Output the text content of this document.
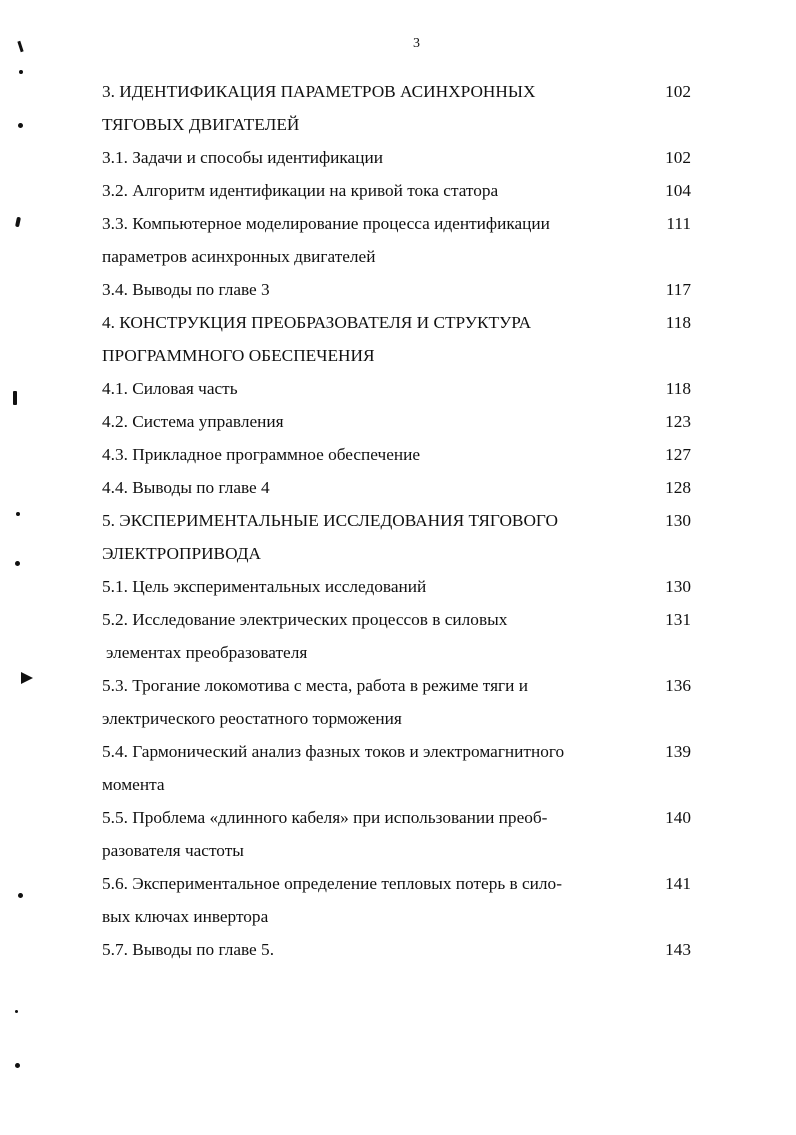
3
3. ИДЕНТИФИКАЦИЯ ПАРАМЕТРОВ АСИНХРОННЫХ	102
ТЯГОВЫХ ДВИГАТЕЛЕЙ
3.1. Задачи и способы идентификации	102
3.2. Алгоритм идентификации на кривой тока статора	104
3.3. Компьютерное моделирование процесса идентификации	111
параметров асинхронных двигателей
3.4. Выводы по главе 3	117
4. КОНСТРУКЦИЯ ПРЕОБРАЗОВАТЕЛЯ И СТРУКТУРА	118
ПРОГРАММНОГО ОБЕСПЕЧЕНИЯ
4.1. Силовая часть	118
4.2. Система управления	123
4.3. Прикладное программное обеспечение	127
4.4. Выводы по главе 4	128
5. ЭКСПЕРИМЕНТАЛЬНЫЕ ИССЛЕДОВАНИЯ ТЯГОВОГО	130
ЭЛЕКТРОПРИВОДА
5.1. Цель экспериментальных исследований	130
5.2. Исследование электрических процессов в силовых	131
элементах преобразователя
5.3. Трогание локомотива с места, работа в режиме тяги и	136
электрического реостатного торможения
5.4. Гармонический анализ фазных токов и электромагнитного	139
момента
5.5. Проблема «длинного кабеля» при использовании преоб-	140
разователя частоты
5.6. Экспериментальное определение тепловых потерь в сило-	141
вых ключах инвертора
5.7. Выводы по главе 5.	143
